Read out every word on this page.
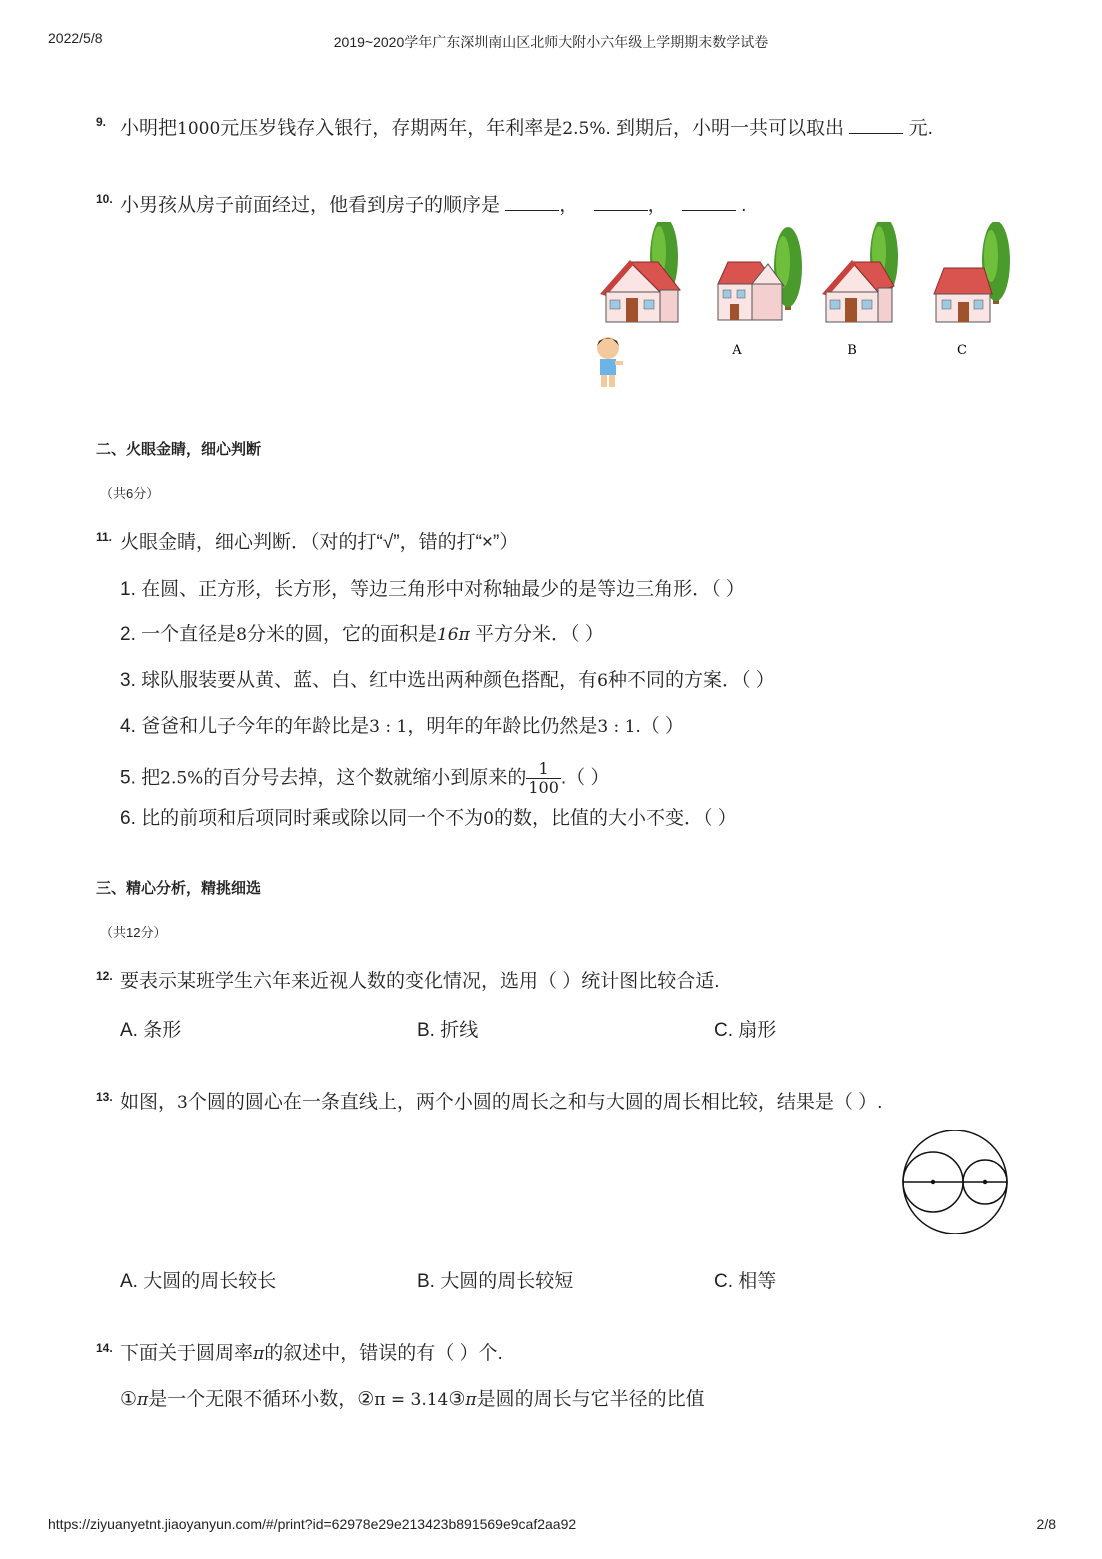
2022/5/8	2019~2020学年广东深圳南山区北师大附小六年级上学期期末数学试卷
9. 小明把1000元压岁钱存入银行，存期两年，年利率是2.5%. 到期后，小明一共可以取出	元.
10. 小男孩从房子前面经过，他看到房子的顺序是	，	，	.
A	B	C
二、火眼金睛，细心判断
（共6分）
11. 火眼金睛，细心判断．（对的打“√”，错的打“×”）
1. 在圆、正方形，长方形，等边三角形中对称轴最少的是等边三角形．（ ）
2. 一个直径是8分米的圆，它的面积是16π 平方分米．（ ）
3. 球队服装要从黄、蓝、白、红中选出两种颜色搭配，有6种不同的方案．（ ）
4. 爸爸和儿子今年的年龄比是3 : 1，明年的年龄比仍然是3 : 1.（ ）
5. 把2.5%的百分号去掉，这个数就缩小到原来的 $\frac{1}{100}$ .（ ）
6. 比的前项和后项同时乘或除以同一个不为0的数，比值的大小不变．（ ）
三、精心分析，精挑细选
（共12分）
12. 要表示某班学生六年来近视人数的变化情况，选用（ ）统计图比较合适.
A. 条形	B. 折线	C. 扇形
13. 如图，3个圆的圆心在一条直线上，两个小圆的周长之和与大圆的周长相比较，结果是（ ）.
A. 大圆的周长较长	B. 大圆的周长较短	C. 相等
14. 下面关于圆周率π的叙述中，错误的有（ ）个.
①π是一个无限不循环小数，②π = 3.14③π是圆的周长与它半径的比值
https://ziyuanyetnt.jiaoyanyun.com/#/print?id=62978e29e213423b891569e9caf2aa92	2/8
